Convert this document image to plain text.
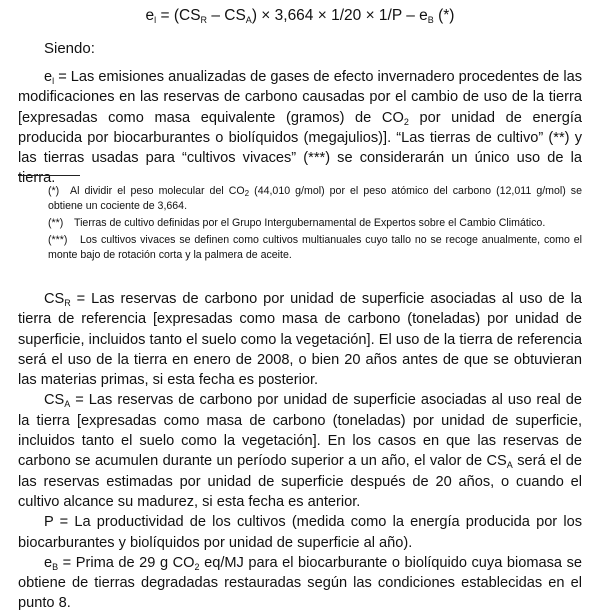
$e_l = (CS_R - CS_A) \times 3,664 \times 1/20 \times 1/P - e_B$ (*)
Siendo:

$e_l$ = Las emisiones anualizadas de gases de efecto invernadero procedentes de las modificaciones en las reservas de carbono causadas por el cambio de uso de la tierra [expresadas como masa equivalente (gramos) de $CO_2$ por unidad de energía producida por biocarburantes o biolíquidos (megajulios)]. “Las tierras de cultivo” (**) y las tierras usadas para “cultivos vivaces” (***) se considerarán un único uso de la tierra.

(*) Al dividir el peso molecular del CO2 (44,010 g/mol) por el peso atómico del carbono (12,011 g/mol) se obtiene un cociente de 3,664.

(**) Tierras de cultivo definidas por el Grupo Intergubernamental de Expertos sobre el Cambio Climático.

(***) Los cultivos vivaces se definen como cultivos multianuales cuyo tallo no se recoge anualmente, como el monte bajo de rotación corta y la palmera de aceite.

$CS_R$ = Las reservas de carbono por unidad de superficie asociadas al uso de la tierra de referencia [expresadas como masa de carbono (toneladas) por unidad de superficie, incluidos tanto el suelo como la vegetación]. El uso de la tierra de referencia será el uso de la tierra en enero de 2008, o bien 20 años antes de que se obtuvieran las materias primas, si esta fecha es posterior.

$CS_A$ = Las reservas de carbono por unidad de superficie asociadas al uso real de la tierra [expresadas como masa de carbono (toneladas) por unidad de superficie, incluidos tanto el suelo como la vegetación]. En los casos en que las reservas de carbono se acumulen durante un período superior a un año, el valor de $CS_A$ será el de las reservas estimadas por unidad de superficie después de 20 años, o cuando el cultivo alcance su madurez, si esta fecha es anterior.

P = La productividad de los cultivos (medida como la energía producida por los biocarburantes y biolíquidos por unidad de superficie al año).

$e_B$ = Prima de 29 g $CO_2$ eq/MJ para el biocarburante o biolíquido cuya biomasa se obtiene de tierras degradadas restauradas según las condiciones establecidas en el punto 8.
